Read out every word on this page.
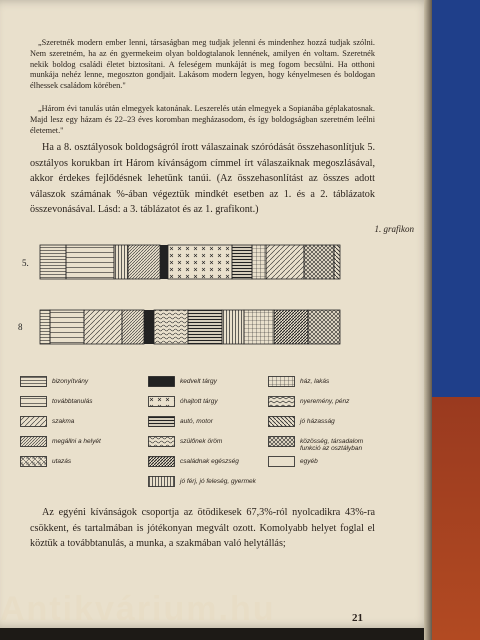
„Szeretnék modern ember lenni, társaságban meg tudjak jelenni és mindenhez hozzá tudjak szólni. Nem szeretném, ha az én gyermekeim olyan boldogtalanok lennének, amilyen én voltam. Szeretnék nekik boldog családi életet biztosítani. A feleségem munkáját is meg fogom becsülni. Ha otthoni munkája nehéz lenne, megoszton gondjait. Lakásom modern legyen, hogy kényelmesen és boldogan élhessek családom körében."
„Három évi tanulás után elmegyek katonának. Leszerelés után elmegyek a Sopianába géplakatosnak. Majd lesz egy házam és 22–23 éves koromban megházasodom, és így boldogságban szeretném leélni életemet."
Ha a 8. osztályosok boldogságról írott válaszainak szóródását összehasonlítjuk 5. osztályos korukban írt Három kívánságom címmel írt válaszaiknak megoszlásával, akkor érdekes fejlődésnek lehetünk tanúi. (Az összehasonlítást az összes adott válaszok számának %-ában végeztük mindkét esetben az 1. és a 2. táblázatok összevonásával. Lásd: a 3. táblázatot és az 1. grafikont.)
1. grafikon
5.
8
bizonyítvány
továbbtanulás
szakma
megállni a helyét
utazás
kedvelt tárgy
óhajtott tárgy
autó, motor
szülőnek öröm
családnak egészség
jó férj, jó feleség, gyermek
ház, lakás
nyeremény, pénz
jó házasság
közösség, társadalom funkció az osztályban
egyéb
Az egyéni kívánságok csoportja az ötödikesek 67,3%-ról nyolcadikra 43%-ra csökkent, és tartalmában is jótékonyan megvált ozott. Komolyabb helyet foglal el köztük a továbbtanulás, a munka, a szakmában való helytállás;
21
Antikvárium.hu
